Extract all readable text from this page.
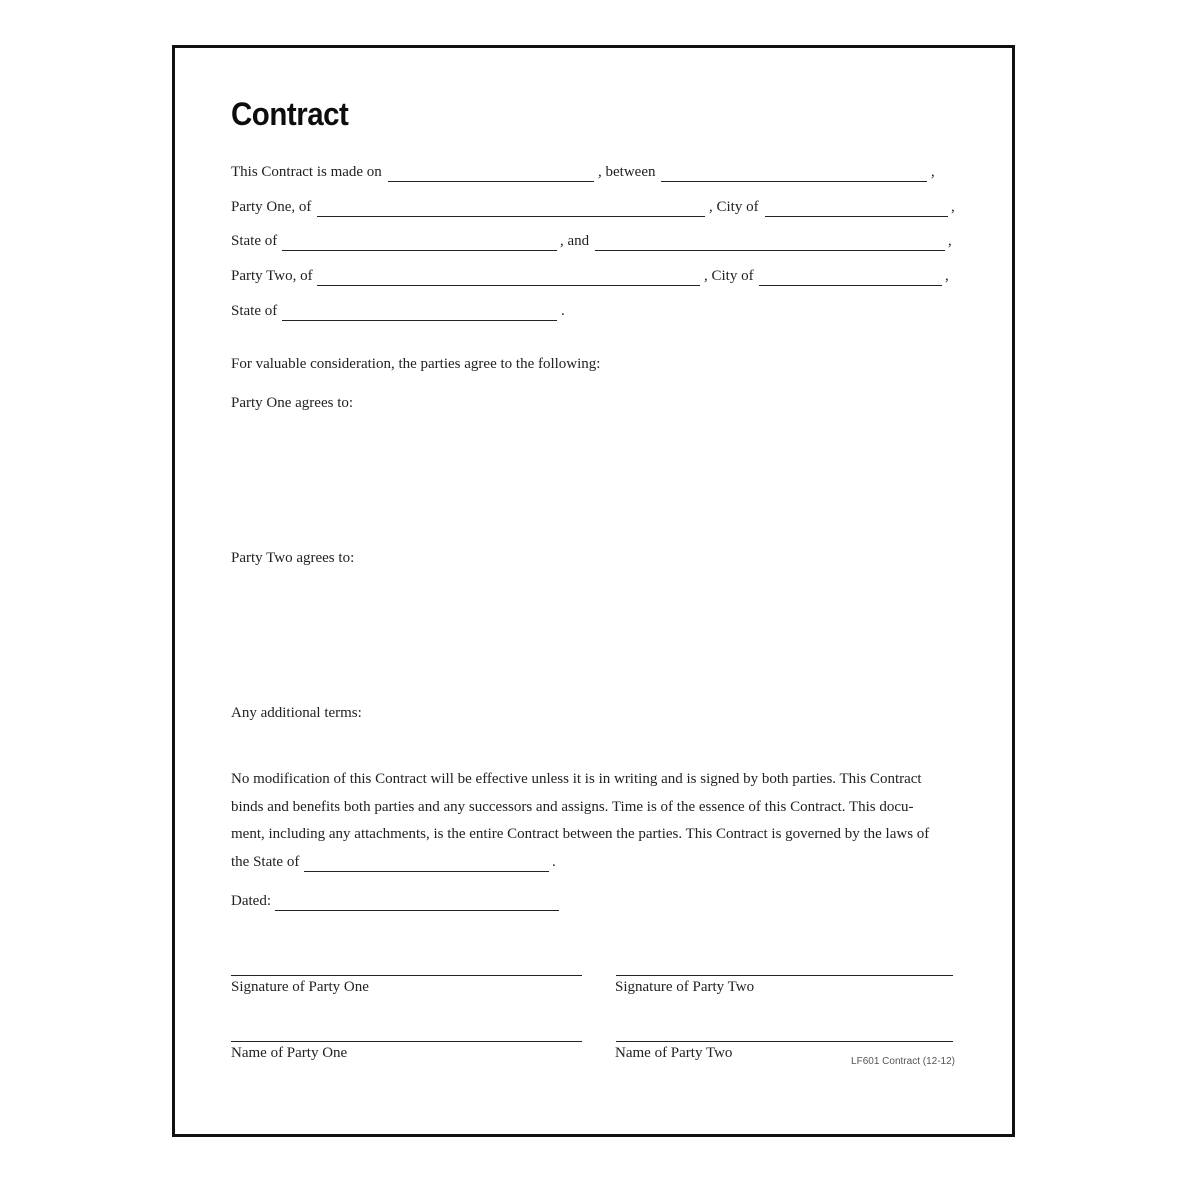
Contract
This Contract is made on	, between	,
Party One, of	, City of	,
State of	, and	,
Party Two, of	, City of	,
State of	.
For valuable consideration, the parties agree to the following:
Party One agrees to:
Party Two agrees to:
Any additional terms:

No modification of this Contract will be effective unless it is in writing and is signed by both parties. This Contract

binds and benefits both parties and any successors and assigns. Time is of the essence of this Contract. This docu-

ment, including any attachments, is the entire Contract between the parties. This Contract is governed by the laws of

the State of	.
Dated:
Signature of Party One	Signature of Party Two
Name of Party One	Name of Party Two
LF601 Contract (12-12)
